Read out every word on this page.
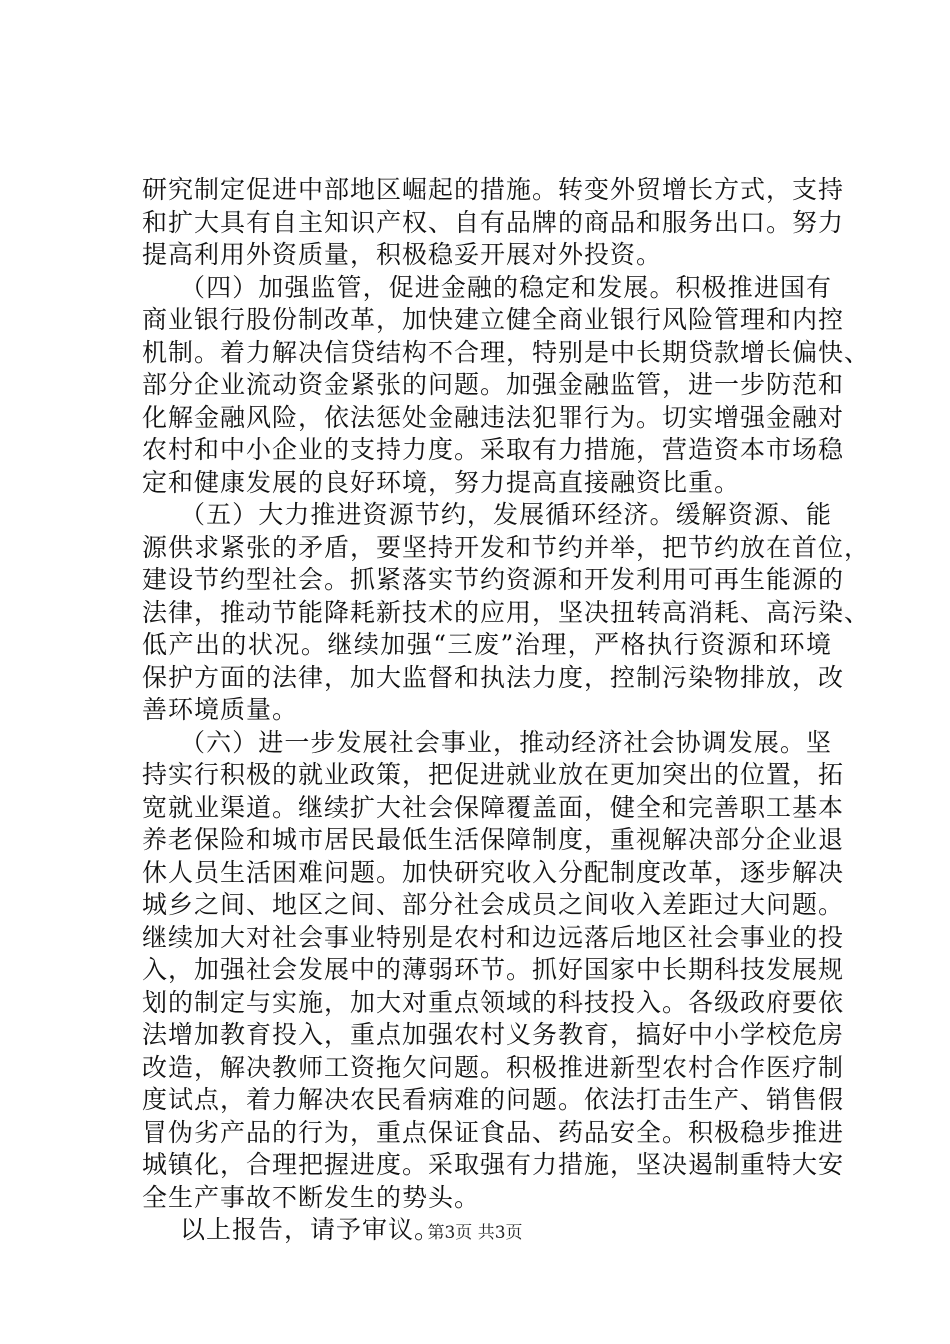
研究制定促进中部地区崛起的措施。转变外贸增长方式，支持
和扩大具有自主知识产权、自有品牌的商品和服务出口。努力
提高利用外资质量，积极稳妥开展对外投资。
（四）加强监管，促进金融的稳定和发展。积极推进国有
商业银行股份制改革，加快建立健全商业银行风险管理和内控
机制。着力解决信贷结构不合理，特别是中长期贷款增长偏快、
部分企业流动资金紧张的问题。加强金融监管，进一步防范和
化解金融风险，依法惩处金融违法犯罪行为。切实增强金融对
农村和中小企业的支持力度。采取有力措施，营造资本市场稳
定和健康发展的良好环境，努力提高直接融资比重。
（五）大力推进资源节约，发展循环经济。缓解资源、能
源供求紧张的矛盾，要坚持开发和节约并举，把节约放在首位，
建设节约型社会。抓紧落实节约资源和开发利用可再生能源的
法律，推动节能降耗新技术的应用，坚决扭转高消耗、高污染、
低产出的状况。继续加强“三废”治理，严格执行资源和环境
保护方面的法律，加大监督和执法力度，控制污染物排放，改
善环境质量。
（六）进一步发展社会事业，推动经济社会协调发展。坚
持实行积极的就业政策，把促进就业放在更加突出的位置，拓
宽就业渠道。继续扩大社会保障覆盖面，健全和完善职工基本
养老保险和城市居民最低生活保障制度，重视解决部分企业退
休人员生活困难问题。加快研究收入分配制度改革，逐步解决
城乡之间、地区之间、部分社会成员之间收入差距过大问题。
继续加大对社会事业特别是农村和边远落后地区社会事业的投
入，加强社会发展中的薄弱环节。抓好国家中长期科技发展规
划的制定与实施，加大对重点领域的科技投入。各级政府要依
法增加教育投入，重点加强农村义务教育，搞好中小学校危房
改造，解决教师工资拖欠问题。积极推进新型农村合作医疗制
度试点，着力解决农民看病难的问题。依法打击生产、销售假
冒伪劣产品的行为，重点保证食品、药品安全。积极稳步推进
城镇化，合理把握进度。采取强有力措施，坚决遏制重特大安
全生产事故不断发生的势头。
以上报告，请予审议。
第3页 共3页
